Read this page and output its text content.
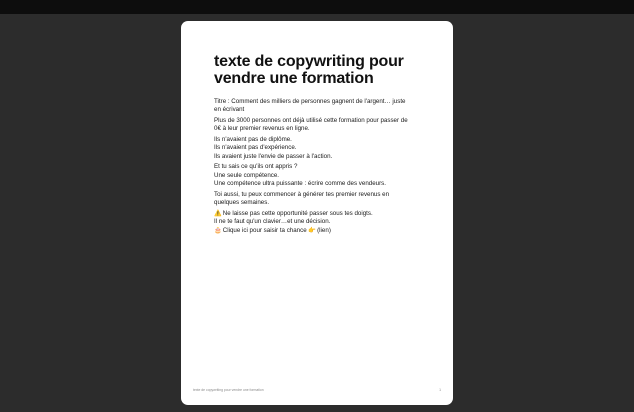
texte de copywriting pour vendre une formation

Titre : Comment des milliers de personnes gagnent de l'argent… juste en écrivant

Plus de 3000 personnes ont déjà utilisé cette formation pour passer de 0€ à leur premier revenus en ligne.

Ils n'avaient pas de diplôme.
Ils n'avaient pas d'expérience.
Ils avaient juste l'envie de passer à l'action.

Et tu sais ce qu'ils ont appris ?
Une seule compétence.
Une compétence ultra puissante : écrire comme des vendeurs.

Toi aussi, tu peux commencer à générer tes premier revenus en quelques semaines.

⚠️ Ne laisse pas cette opportunité passer sous tes doigts.
Il ne te faut qu'un clavier…et une décision.
🎂 Clique ici pour saisir ta chance 👉 (lien)

texte de copywriting pour vendre une formation	1
